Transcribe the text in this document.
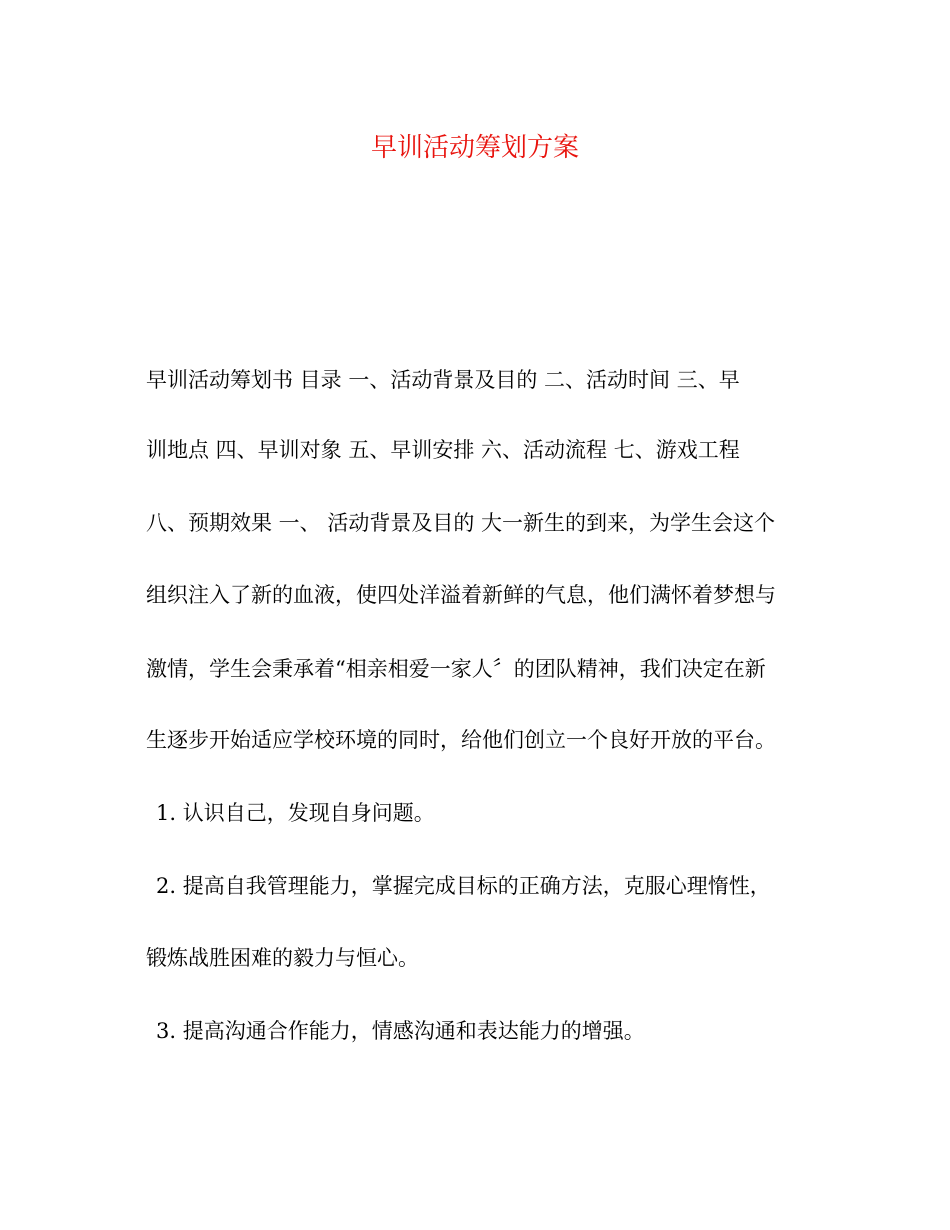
早训活动筹划方案
早训活动筹划书 目录 一、活动背景及目的 二、活动时间 三、早
训地点 四、早训对象 五、早训安排 六、活动流程 七、游戏工程
八、预期效果 一、 活动背景及目的 大一新生的到来，为学生会这个
组织注入了新的血液，使四处洋溢着新鲜的气息，他们满怀着梦想与
激情，学生会秉承着“相亲相爱一家人〞的团队精神，我们决定在新
生逐步开始适应学校环境的同时，给他们创立一个良好开放的平台。
1. 认识自己，发现自身问题。
2. 提高自我管理能力，掌握完成目标的正确方法，克服心理惰性，
锻炼战胜困难的毅力与恒心。
3. 提高沟通合作能力，情感沟通和表达能力的增强。
